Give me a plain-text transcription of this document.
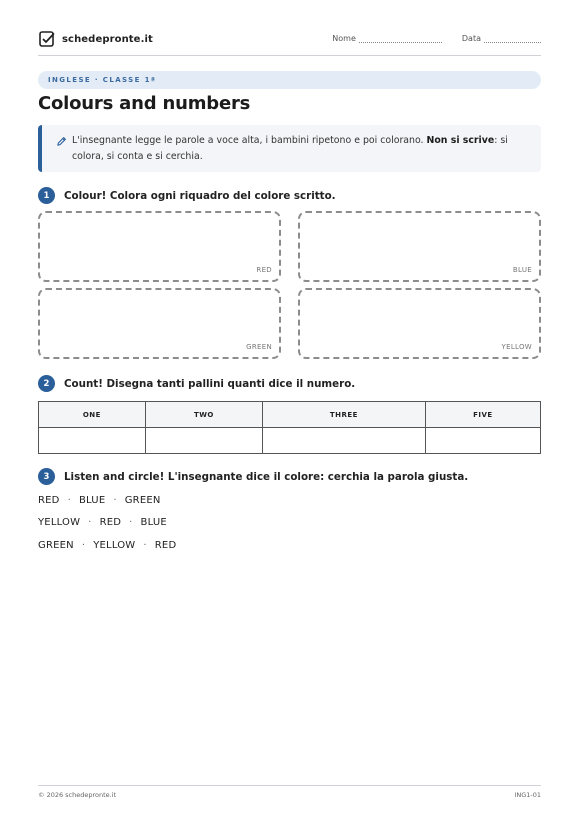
schedepronte.it	Nome	Data
INGLESE · CLASSE 1ª
Colours and numbers
L'insegnante legge le parole a voce alta, i bambini ripetono e poi colorano. Non si scrive: si colora, si conta e si cerchia.
1	Colour! Colora ogni riquadro del colore scritto.
RED	BLUE
GREEN	YELLOW
2	Count! Disegna tanti pallini quanti dice il numero.
ONE	TWO	THREE	FIVE

3	Listen and circle! L'insegnante dice il colore: cerchia la parola giusta.
RED · BLUE · GREEN
YELLOW · RED · BLUE
GREEN · YELLOW · RED
© 2026 schedepronte.it	ING1-01
